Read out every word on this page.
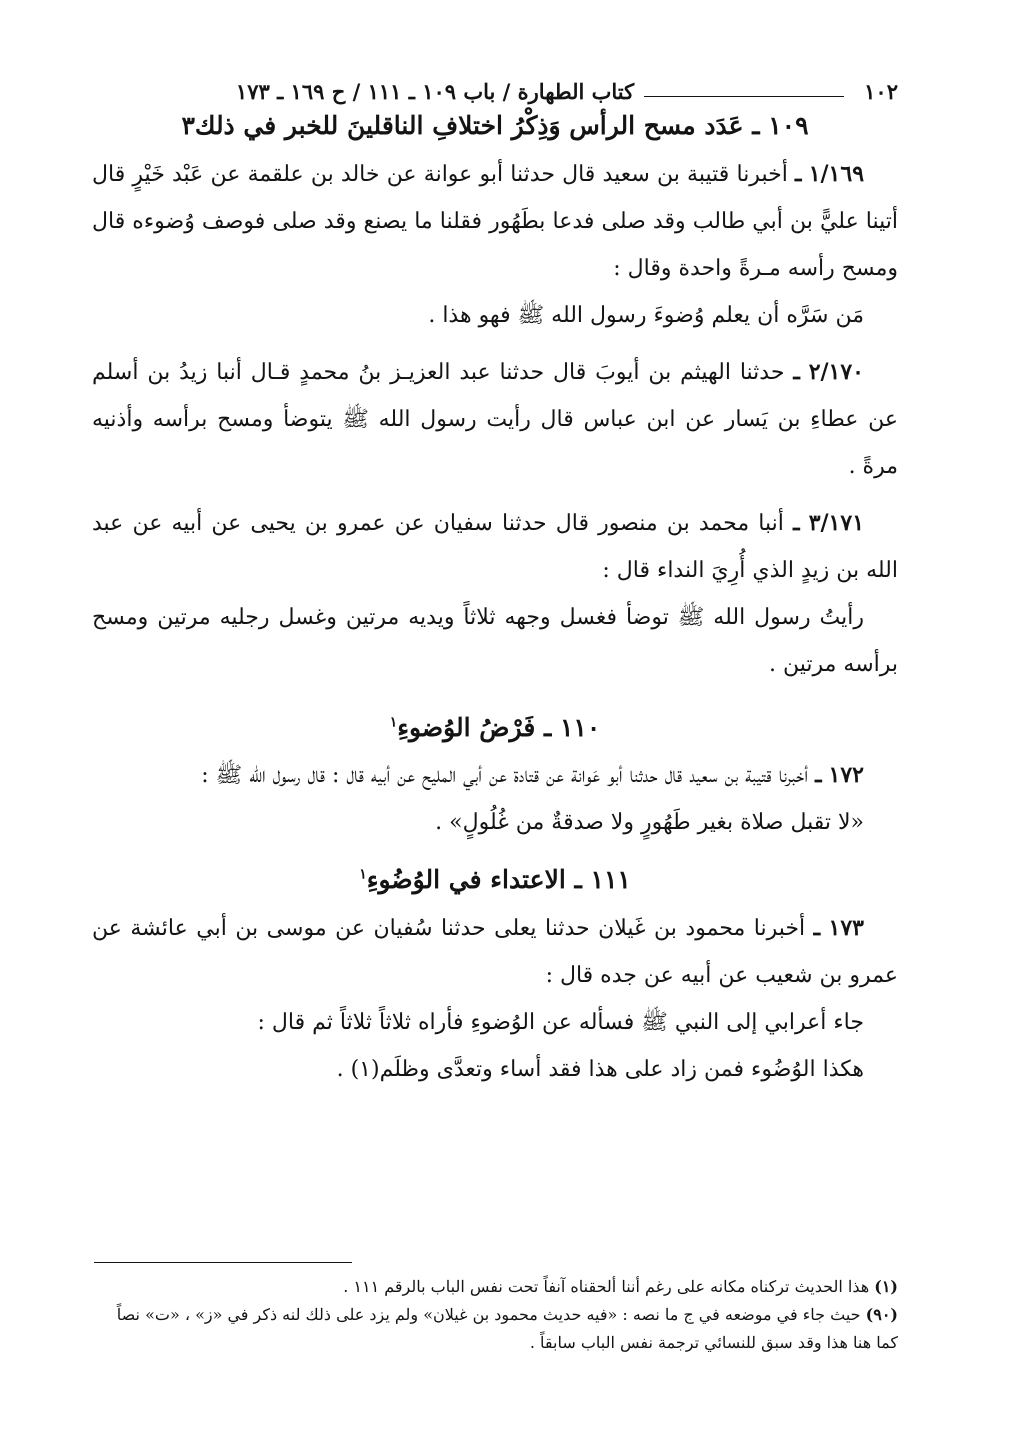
١٠٢
كتاب الطهارة / باب ١٠٩ ـ ١١١ / ح ١٦٩ ـ ١٧٣
١٠٩ ـ عَدَد مسح الرأس وَذِكْرُ اختلافِ الناقلينَ للخبر في ذلك٣

١/١٦٩ ـ أخبرنا قتيبة بن سعيد قال حدثنا أبو عوانة عن خالد بن علقمة عن عَبْد خَيْرٍ قال أتينا عليًّ بن أبي طالب وقد صلى فدعا بطَهُور فقلنا ما يصنع وقد صلى فوصف وُضوءه قال ومسح رأسه مـرةً واحدة وقال :

مَن سَرَّه أن يعلم وُضوءَ رسول الله ﷺ فهو هذا .

٢/١٧٠ ـ حدثنا الهيثم بن أيوبَ قال حدثنا عبد العزيـز بنُ محمدٍ قـال أنبا زيدُ بن أسلم عن عطاءِ بن يَسار عن ابن عباس قال رأيت رسول الله ﷺ يتوضأ ومسح برأسه وأذنيه مرةً .

٣/١٧١ ـ أنبا محمد بن منصور قال حدثنا سفيان عن عمرو بن يحيى عن أبيه عن عبد الله بن زيدٍ الذي أُرِيَ النداء قال :

رأيتُ رسول الله ﷺ توضأ فغسل وجهه ثلاثاً ويديه مرتين وغسل رجليه مرتين ومسح برأسه مرتين .

١١٠ ـ فَرْضُ الوُضوءِ$^١$

١٧٢ ـ أخبرنا قتيبة بن سعيد قال حدثنا أبو عَوانة عن قتادة عن أبي المليح عن أبيه قال : قال رسول الله ﷺ :

«لا تقبل صلاة بغير طَهُورٍ ولا صدقةٌ من غُلُولٍ» .

١١١ ـ الاعتداء في الوُضُوءِ$^١$

١٧٣ ـ أخبرنا محمود بن غَيلان حدثنا يعلى حدثنا سُفيان عن موسى بن أبي عائشة عن عمرو بن شعيب عن أبيه عن جده قال :

جاء أعرابي إلى النبي ﷺ فسأله عن الوُضوءِ فأراه ثلاثاً ثلاثاً ثم قال :

هكذا الوُضُوء فمن زاد على هذا فقد أساء وتعدَّى وظلَم(١) .

(١) هذا الحديث تركناه مكانه على رغم أننا ألحقناه آنفاً تحت نفس الباب بالرقم ١١١ .

(٩٠) حيث جاء في موضعه في ج ما نصه : «فيه حديث محمود بن غيلان» ولم يزد على ذلك لنه ذكر في «ز» ، «ت» نصاً كما هنا هذا وقد سبق للنسائي ترجمة نفس الباب سابقاً .
